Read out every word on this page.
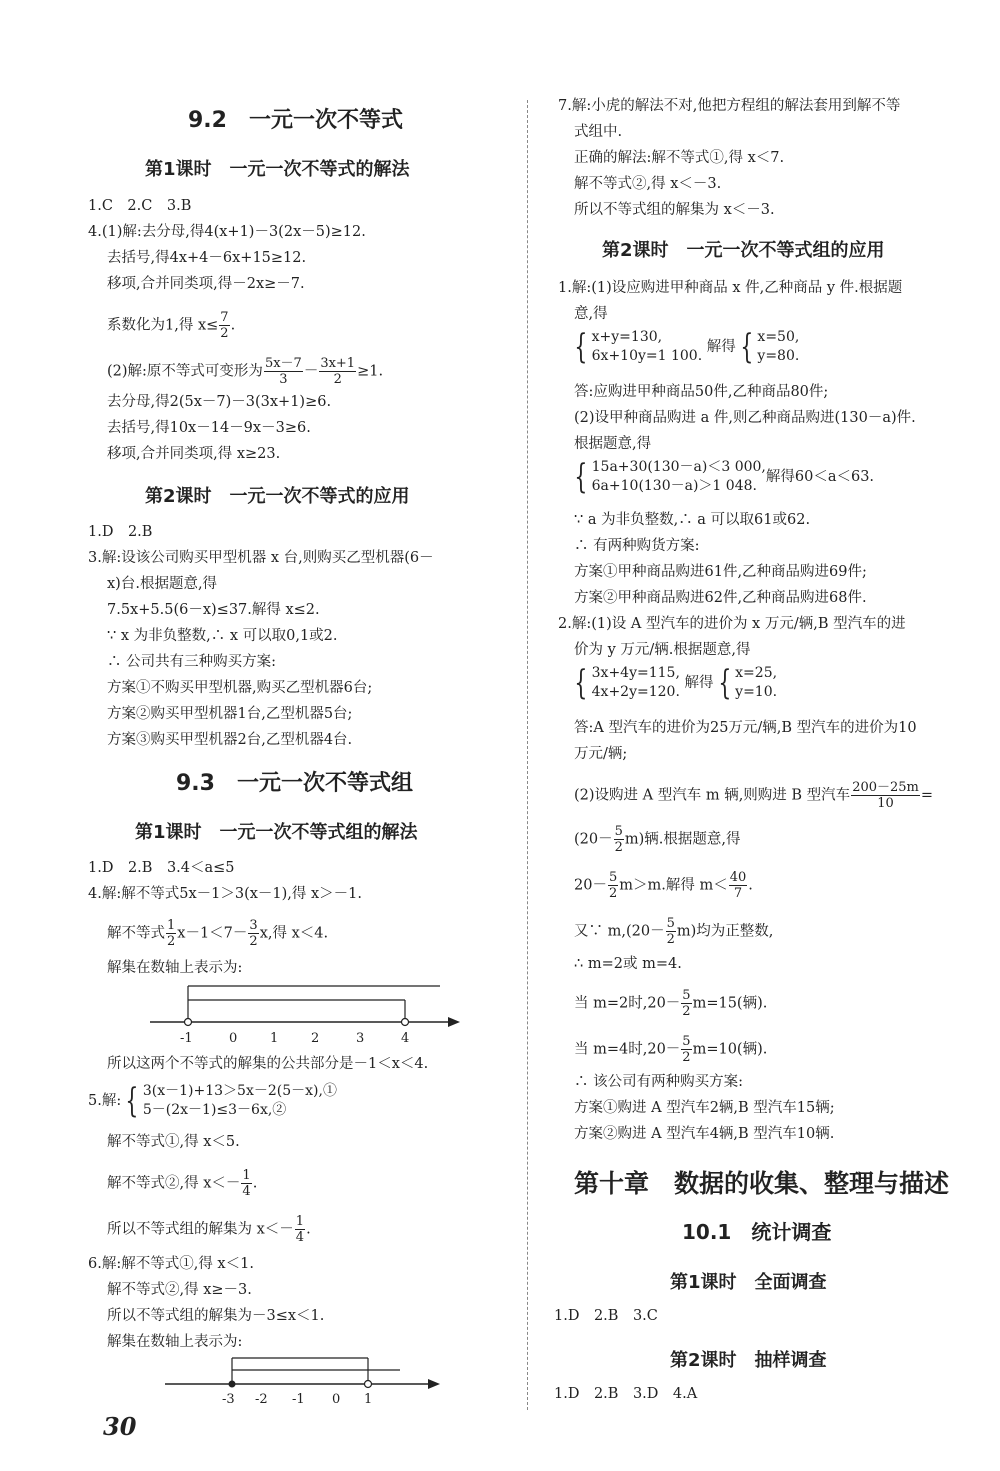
9.2　一元一次不等式
第1课时　一元一次不等式的解法
1.C　2.C　3.B
4.(1)解:去分母,得4(x+1)－3(2x－5)≥12.
去括号,得4x+4－6x+15≥12.
移项,合并同类项,得－2x≥－7.
系数化为1,得 $x\le \frac{7}{2}$ .
(2)解:原不等式可变形为 $\frac{5x-7}{3} - \frac{3x+1}{2} \ge 1$.
去分母,得2(5x－7)－3(3x+1)≥6.
去括号,得10x－14－9x－3≥6.
移项,合并同类项,得 x≥23.
第2课时　一元一次不等式的应用
1.D　2.B
3.解:设该公司购买甲型机器 x 台,则购买乙型机器(6－
x)台.根据题意,得
7.5x+5.5(6－x)≤37.解得 x≤2.
∵ x 为非负整数,∴ x 可以取0,1或2.
∴ 公司共有三种购买方案:
方案①不购买甲型机器,购买乙型机器6台;
方案②购买甲型机器1台,乙型机器5台;
方案③购买甲型机器2台,乙型机器4台.
9.3　一元一次不等式组
第1课时　一元一次不等式组的解法
1.D　2.B　3.4＜a≤5
4.解:解不等式5x－1＞3(x－1),得 x＞－1.
解不等式 $\frac{1}{2} x-1<7- \frac{3}{2} x$,得 x＜4.
解集在数轴上表示为:
-1	0	1	2	3	4
所以这两个不等式的解集的公共部分是－1＜x＜4.
5.解: { 3(x－1)+13＞5x－2(5－x),①
5－(2x－1)≤3－6x,②
解不等式①,得 x＜5.
解不等式②,得 $x<- \frac{1}{4}$ .
所以不等式组的解集为 $x<- \frac{1}{4}$ .
6.解:解不等式①,得 x＜1.
解不等式②,得 x≥－3.
所以不等式组的解集为－3≤x＜1.
解集在数轴上表示为:
-3 -2 -1 0 1
30
7.解:小虎的解法不对,他把方程组的解法套用到解不等
式组中.
正确的解法:解不等式①,得 x＜7.
解不等式②,得 x＜－3.
所以不等式组的解集为 x＜－3.
第2课时　一元一次不等式组的应用
1.解:(1)设应购进甲种商品 x 件,乙种商品 y 件.根据题
意,得
{ x+y=130,
6x+10y=1 100. 解得 { x=50,
y=80.
答:应购进甲种商品50件,乙种商品80件;
(2)设甲种商品购进 a 件,则乙种商品购进(130－a)件.
根据题意,得
{ 15a+30(130－a)＜3 000,
6a+10(130－a)＞1 048.解得60＜a＜63.
∵ a 为非负整数,∴ a 可以取61或62.
∴ 有两种购货方案:
方案①甲种商品购进61件,乙种商品购进69件;
方案②甲种商品购进62件,乙种商品购进68件.
2.解:(1)设 A 型汽车的进价为 x 万元/辆,B 型汽车的进
价为 y 万元/辆.根据题意,得
{ 3x+4y=115,
4x+2y=120. 解得 { x=25,
y=10.
答:A 型汽车的进价为25万元/辆,B 型汽车的进价为10
万元/辆;
(2)设购进 A 型汽车 m 辆,则购进 B 型汽车 $\frac{200-25m}{10}$ =
$(20- \frac{5}{2} m)$辆.根据题意,得
$20- \frac{5}{2} m>m$.解得 $m< \frac{40}{7}$ .
又∵ $m,(20- \frac{5}{2} m)$均为正整数,
∴ m=2或 m=4.
当 m=2时$,20- \frac{5}{2} m=15$(辆).
当 m=4时$,20- \frac{5}{2} m=10$(辆).
∴ 该公司有两种购买方案:
方案①购进 A 型汽车2辆,B 型汽车15辆;
方案②购进 A 型汽车4辆,B 型汽车10辆.
第十章　数据的收集、整理与描述
10.1　统计调查
第1课时　全面调查
1.D　2.B　3.C
第2课时　抽样调查
1.D　2.B　3.D　4.A
